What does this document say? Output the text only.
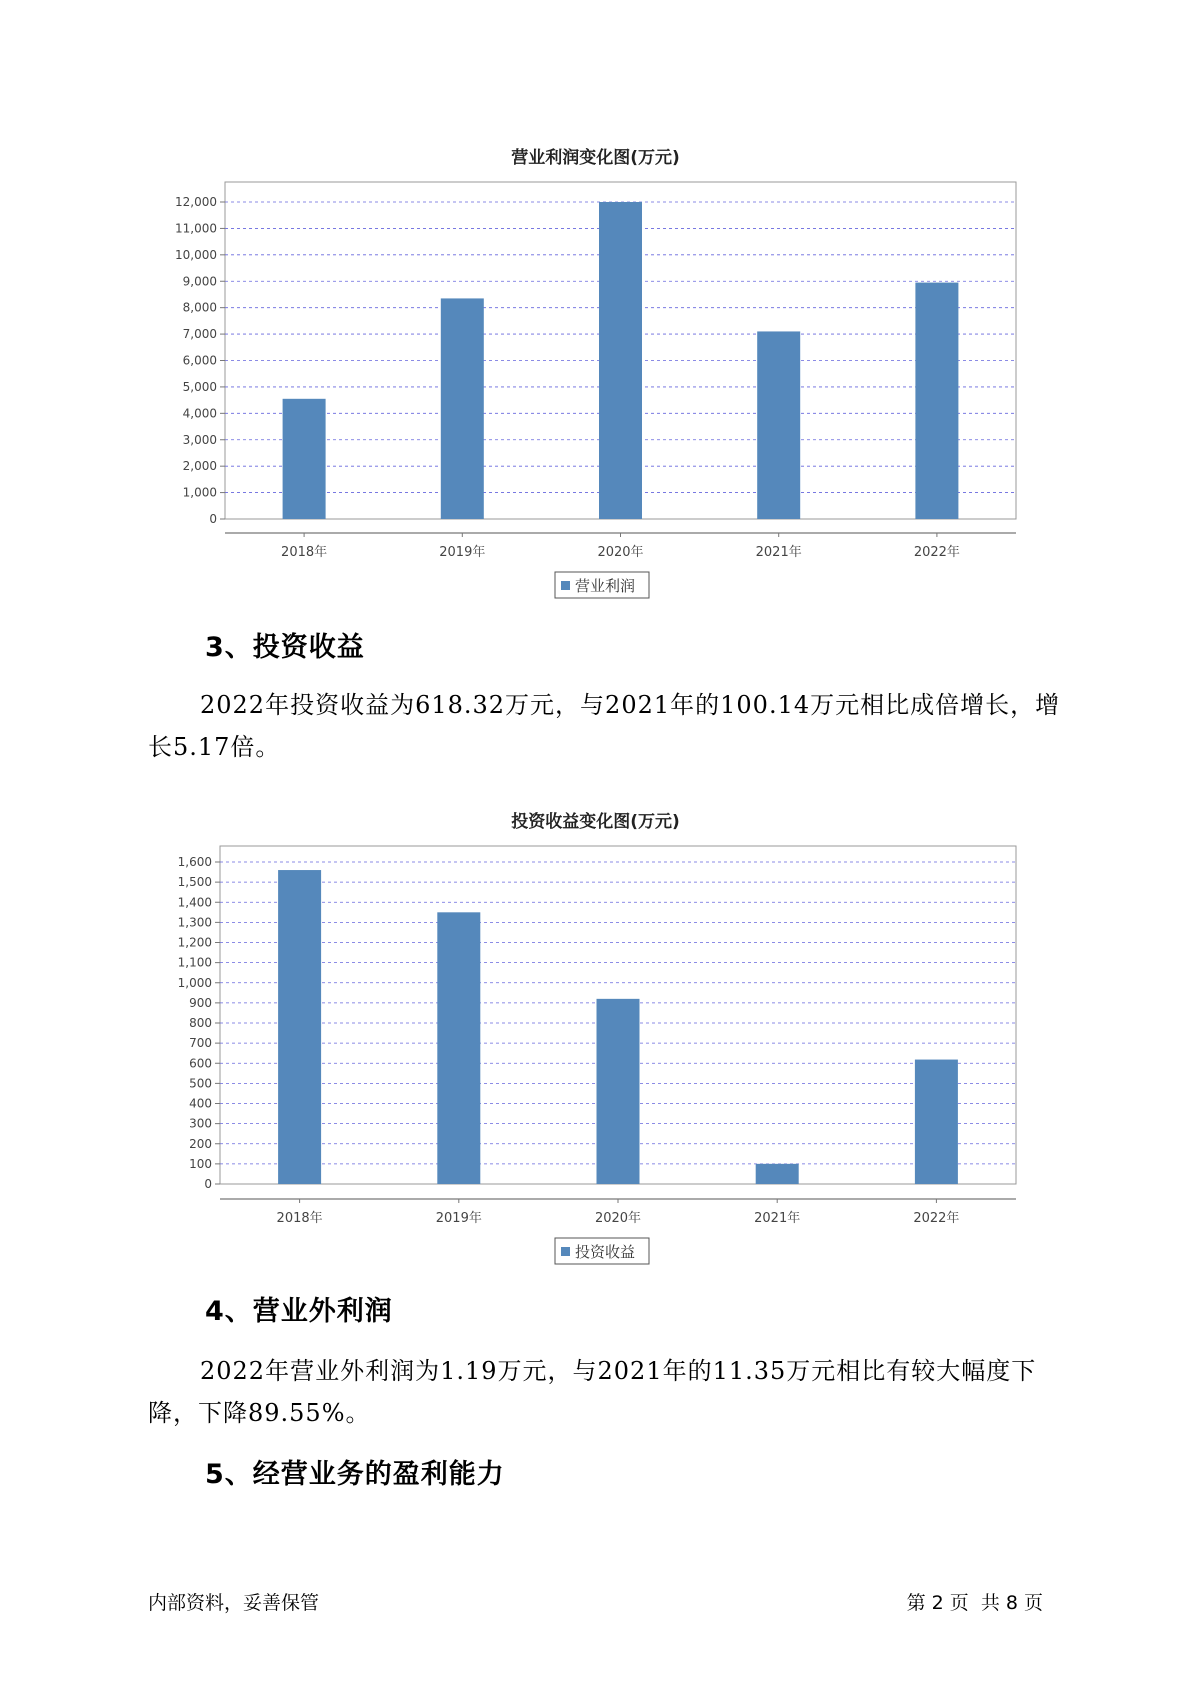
营业利润变化图(万元)
0
1,000
2,000
3,000
4,000
5,000
6,000
7,000
8,000
9,000
10,000
11,000
12,000
2018年	2019年	2020年	2021年	2022年
营业利润
3、投资收益

2022年投资收益为618.32万元，与2021年的100.14万元相比成倍增长，增长5.17倍。

投资收益变化图(万元)
0
100
200
300
400
500
600
700
800
900
1,000
1,100
1,200
1,300
1,400
1,500
1,600
2018年	2019年	2020年	2021年	2022年
投资收益
4、营业外利润

2022年营业外利润为1.19万元，与2021年的11.35万元相比有较大幅度下降，下降89.55%。

5、经营业务的盈利能力
内部资料，妥善保管	第 2 页  共 8 页
